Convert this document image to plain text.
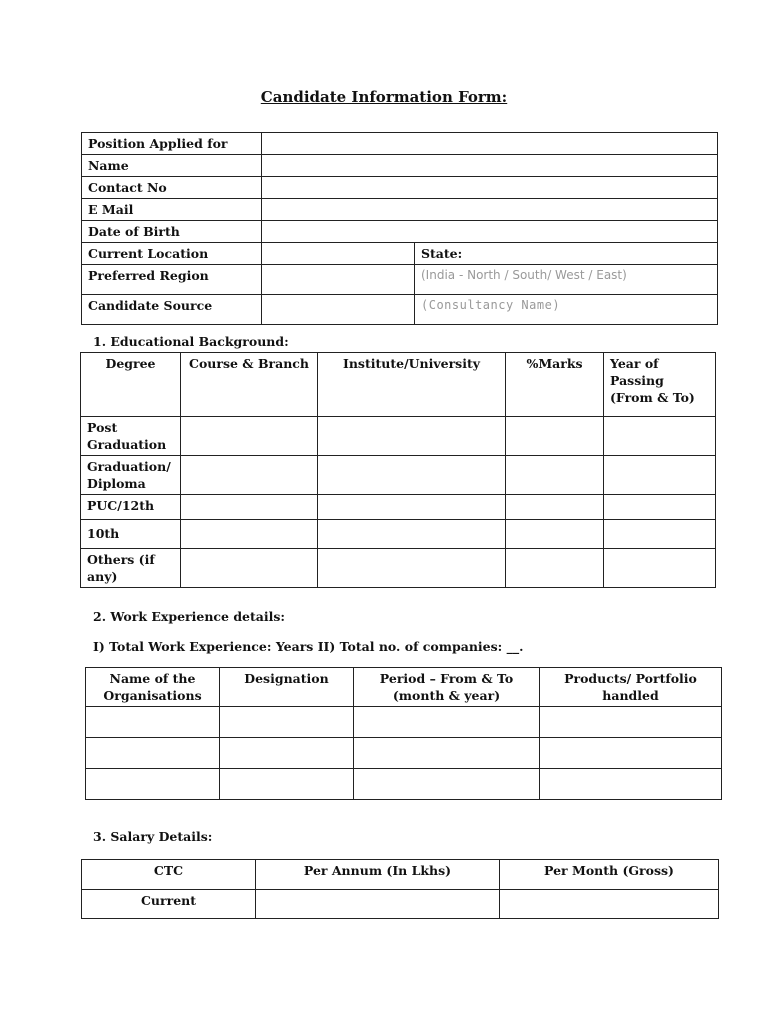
Candidate Information Form:
Position Applied for		
Name		
Contact No		
E Mail		
Date of Birth		
Current Location		State:
Preferred Region		(India - North / South/ West / East)
Candidate Source		(Consultancy Name)
1. Educational Background:
Degree	Course & Branch	Institute/University	%Marks	Year of Passing (From & To)
Post Graduation				
Graduation/ Diploma				
PUC/12th				
10th				
Others (if any)				
2. Work Experience details:
I) Total Work Experience: Years II) Total no. of companies: __.
Name of the Organisations	Designation	Period – From & To (month & year)	Products/ Portfolio handled

3. Salary Details:
CTC	Per Annum (In Lkhs)	Per Month (Gross)
Current		
